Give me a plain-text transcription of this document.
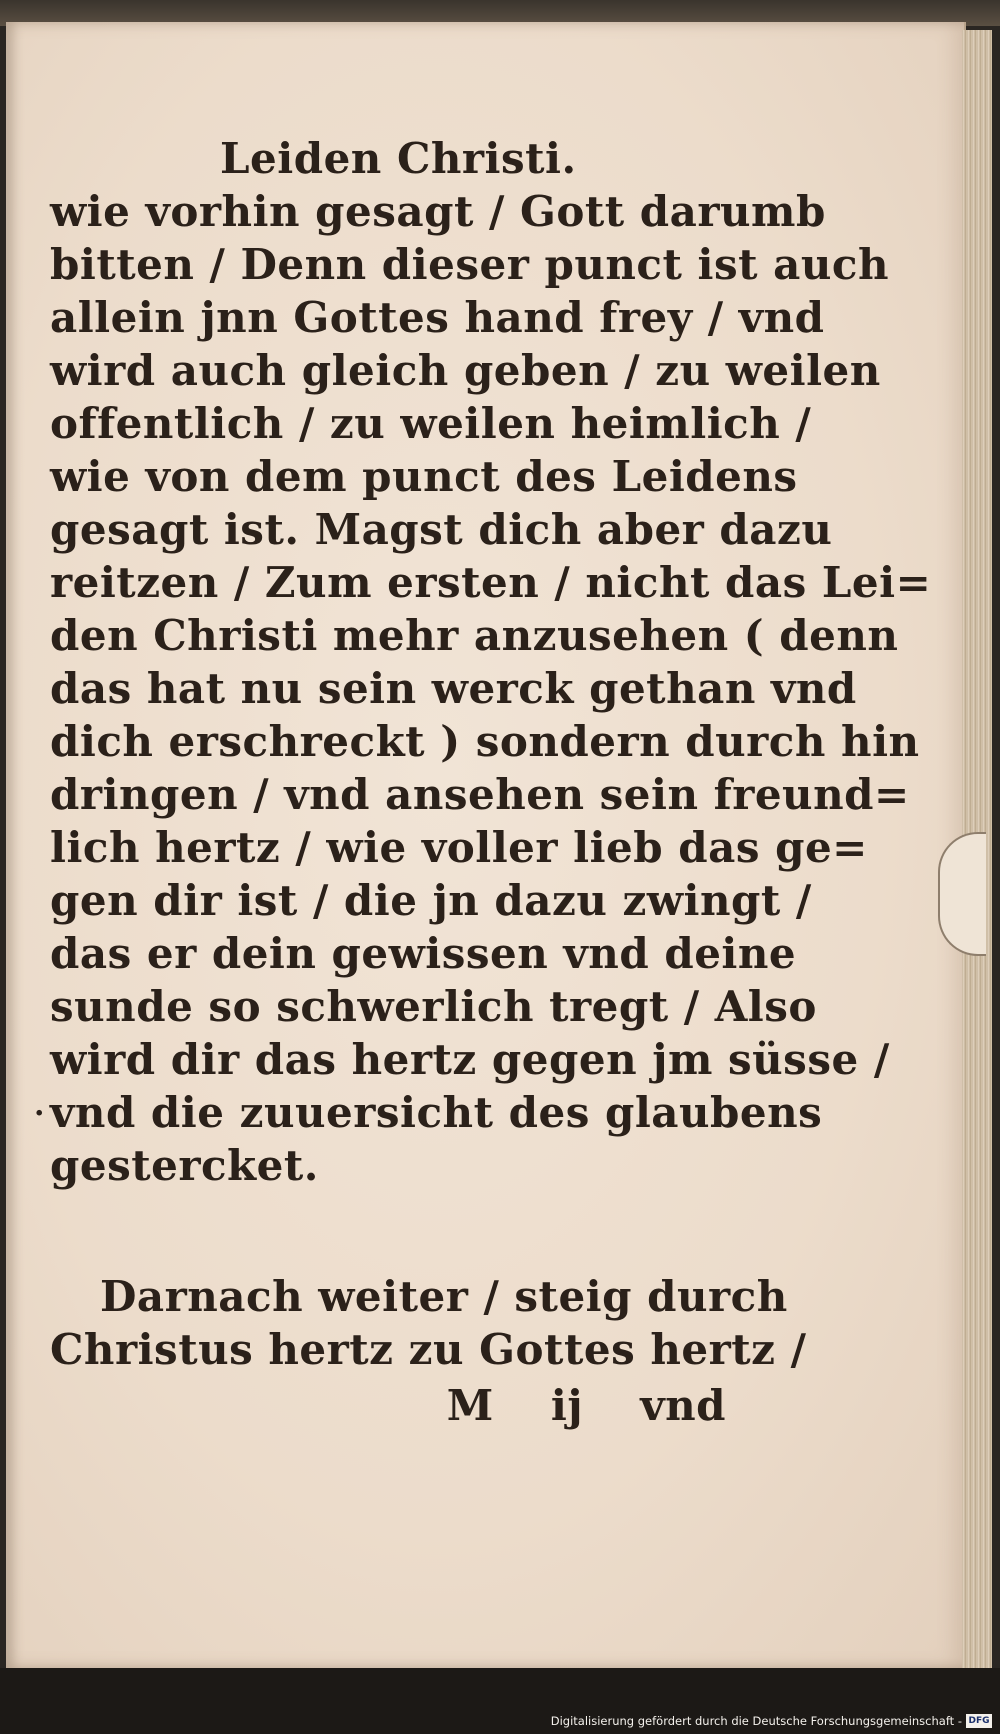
Leiden Christi.
wie vorhin gesagt / Gott darumb
bitten / Denn dieser punct ist auch
allein jnn Gottes hand frey / vnd
wird auch gleich geben / zu weilen
offentlich / zu weilen heimlich /
wie von dem punct des Leidens
gesagt ist. Magst dich aber dazu
reitzen / Zum ersten / nicht das Lei=
den Christi mehr anzusehen ( denn
das hat nu sein werck gethan vnd
dich erschreckt ) sondern durch hin
dringen / vnd ansehen sein freund=
lich hertz / wie voller lieb das ge=
gen dir ist / die jn dazu zwingt /
das er dein gewissen vnd deine
sunde so schwerlich tregt / Also
wird dir das hertz gegen jm süsse /
vnd die zuuersicht des glaubens
gestercket.
Darnach weiter / steig durch
Christus hertz zu Gottes hertz /
M ij vnd
.
Digitalisierung gefördert durch die Deutsche Forschungsgemeinschaft - DFG
